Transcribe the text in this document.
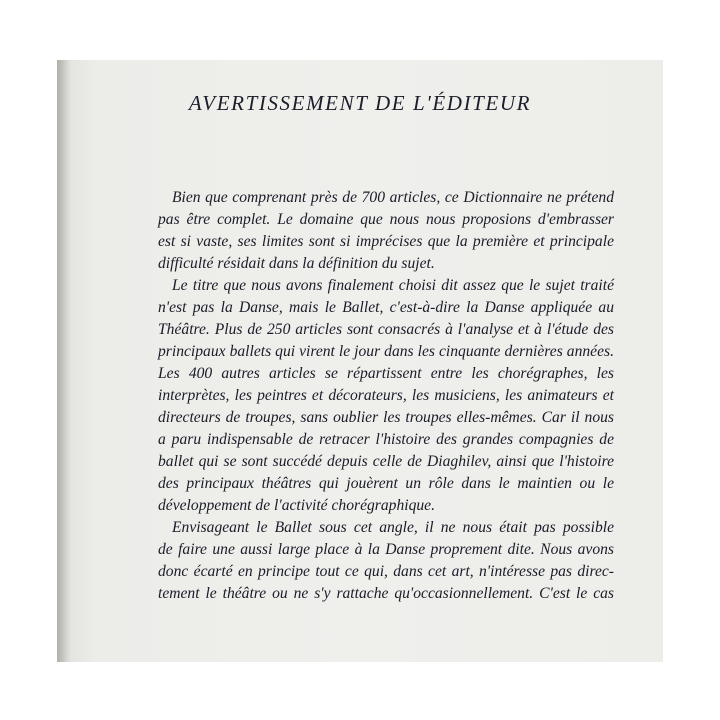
AVERTISSEMENT DE L'ÉDITEUR
Bien que comprenant près de 700 articles, ce Dictionnaire ne prétend
pas être complet. Le domaine que nous nous proposions d'embrasser
est si vaste, ses limites sont si imprécises que la première et principale
difficulté résidait dans la définition du sujet.
Le titre que nous avons finalement choisi dit assez que le sujet traité
n'est pas la Danse, mais le Ballet, c'est-à-dire la Danse appliquée au
Théâtre. Plus de 250 articles sont consacrés à l'analyse et à l'étude des
principaux ballets qui virent le jour dans les cinquante dernières années.
Les 400 autres articles se répartissent entre les chorégraphes, les
interprètes, les peintres et décorateurs, les musiciens, les animateurs et
directeurs de troupes, sans oublier les troupes elles-mêmes. Car il nous
a paru indispensable de retracer l'histoire des grandes compagnies de
ballet qui se sont succédé depuis celle de Diaghilev, ainsi que l'histoire
des principaux théâtres qui jouèrent un rôle dans le maintien ou le
développement de l'activité chorégraphique.
Envisageant le Ballet sous cet angle, il ne nous était pas possible
de faire une aussi large place à la Danse proprement dite. Nous avons
donc écarté en principe tout ce qui, dans cet art, n'intéresse pas direc-
tement le théâtre ou ne s'y rattache qu'occasionnellement. C'est le cas
